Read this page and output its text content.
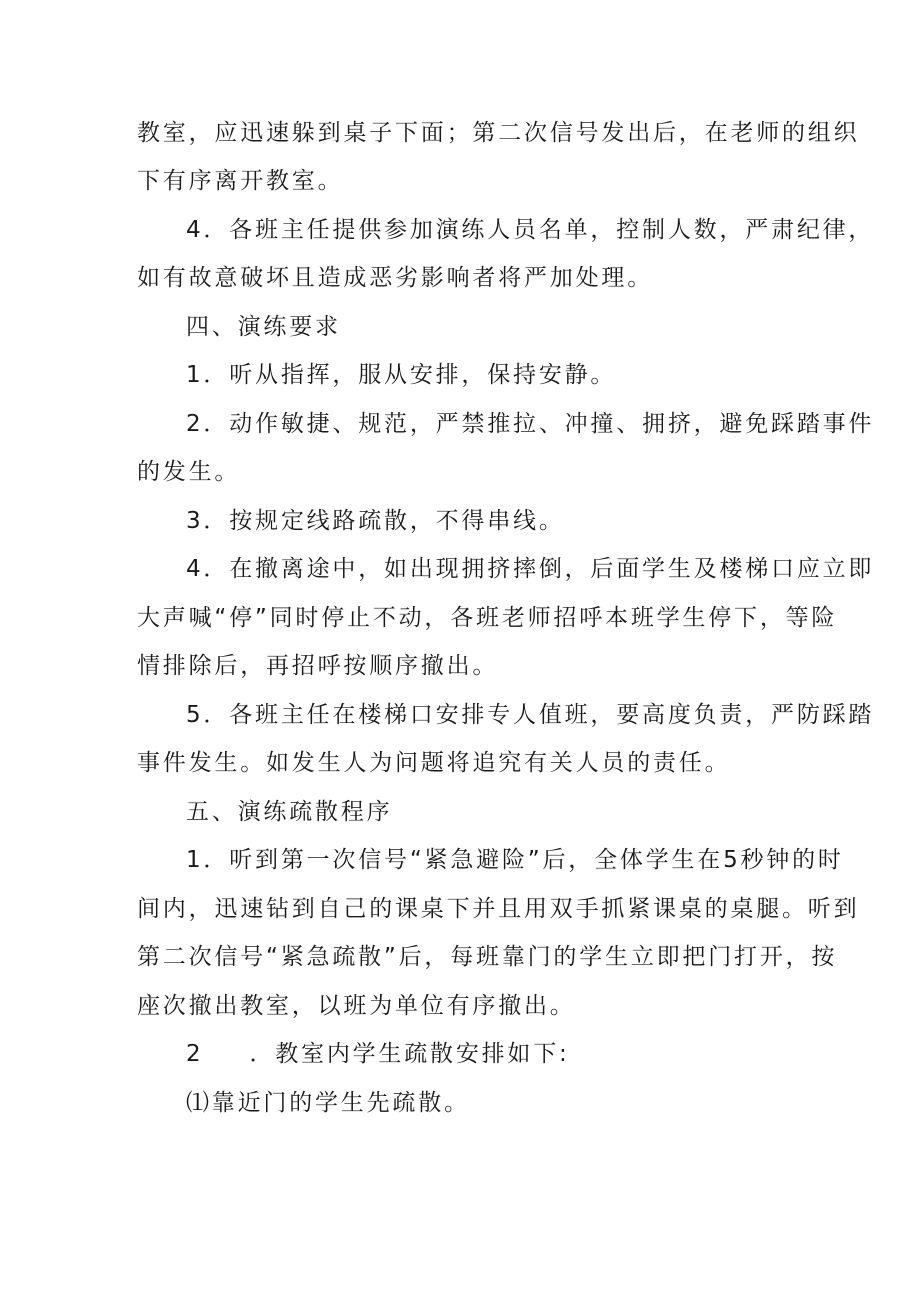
教室，应迅速躲到桌子下面；第二次信号发出后，在老师的组织
下有序离开教室。
4．各班主任提供参加演练人员名单，控制人数，严肃纪律，
如有故意破坏且造成恶劣影响者将严加处理。
四、演练要求
1．听从指挥，服从安排，保持安静。
2．动作敏捷、规范，严禁推拉、冲撞、拥挤，避免踩踏事件
的发生。
3．按规定线路疏散，不得串线。
4．在撤离途中，如出现拥挤摔倒，后面学生及楼梯口应立即
大声喊“停”同时停止不动，各班老师招呼本班学生停下，等险
情排除后，再招呼按顺序撤出。
5．各班主任在楼梯口安排专人值班，要高度负责，严防踩踏
事件发生。如发生人为问题将追究有关人员的责任。
五、演练疏散程序
1．听到第一次信号“紧急避险”后，全体学生在5秒钟的时
间内，迅速钻到自己的课桌下并且用双手抓紧课桌的桌腿。听到
第二次信号“紧急疏散”后，每班靠门的学生立即把门打开，按
座次撤出教室，以班为单位有序撤出。
2 ．教室内学生疏散安排如下:
⑴靠近门的学生先疏散。
